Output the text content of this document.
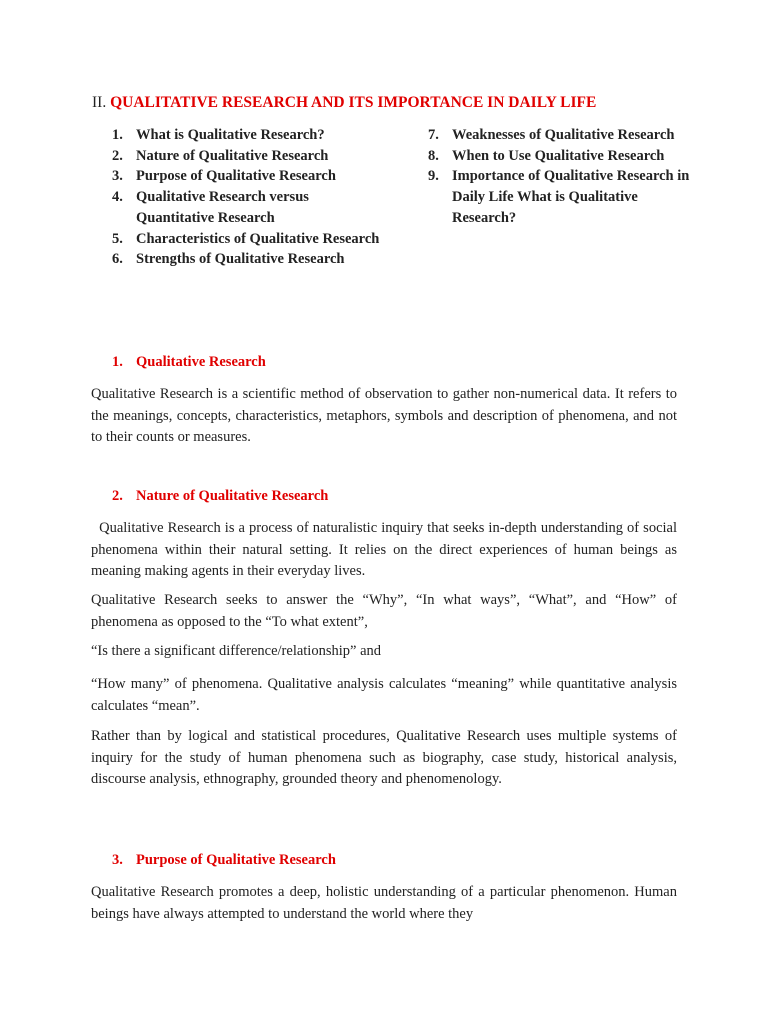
II. QUALITATIVE RESEARCH AND ITS IMPORTANCE IN DAILY LIFE
1. What is Qualitative Research?
2. Nature of Qualitative Research
3. Purpose of Qualitative Research
4. Qualitative Research versus Quantitative Research
5. Characteristics of Qualitative Research
6. Strengths of Qualitative Research
7. Weaknesses of Qualitative Research
8. When to Use Qualitative Research
9. Importance of Qualitative Research in Daily Life What is Qualitative Research?
1. Qualitative Research

Qualitative Research is a scientific method of observation to gather non-numerical data. It refers to the meanings, concepts, characteristics, metaphors, symbols and description of phenomena, and not to their counts or measures.

2. Nature of Qualitative Research

Qualitative Research is a process of naturalistic inquiry that seeks in-depth understanding of social phenomena within their natural setting. It relies on the direct experiences of human beings as meaning making agents in their everyday lives.

Qualitative Research seeks to answer the “Why”, “In what ways”, “What”, and “How” of phenomena as opposed to the “To what extent”,

“Is there a significant difference/relationship” and

“How many” of phenomena. Qualitative analysis calculates “meaning” while quantitative analysis calculates “mean”.

Rather than by logical and statistical procedures, Qualitative Research uses multiple systems of inquiry for the study of human phenomena such as biography, case study, historical analysis, discourse analysis, ethnography, grounded theory and phenomenology.

3. Purpose of Qualitative Research

Qualitative Research promotes a deep, holistic understanding of a particular phenomenon. Human beings have always attempted to understand the world where they
